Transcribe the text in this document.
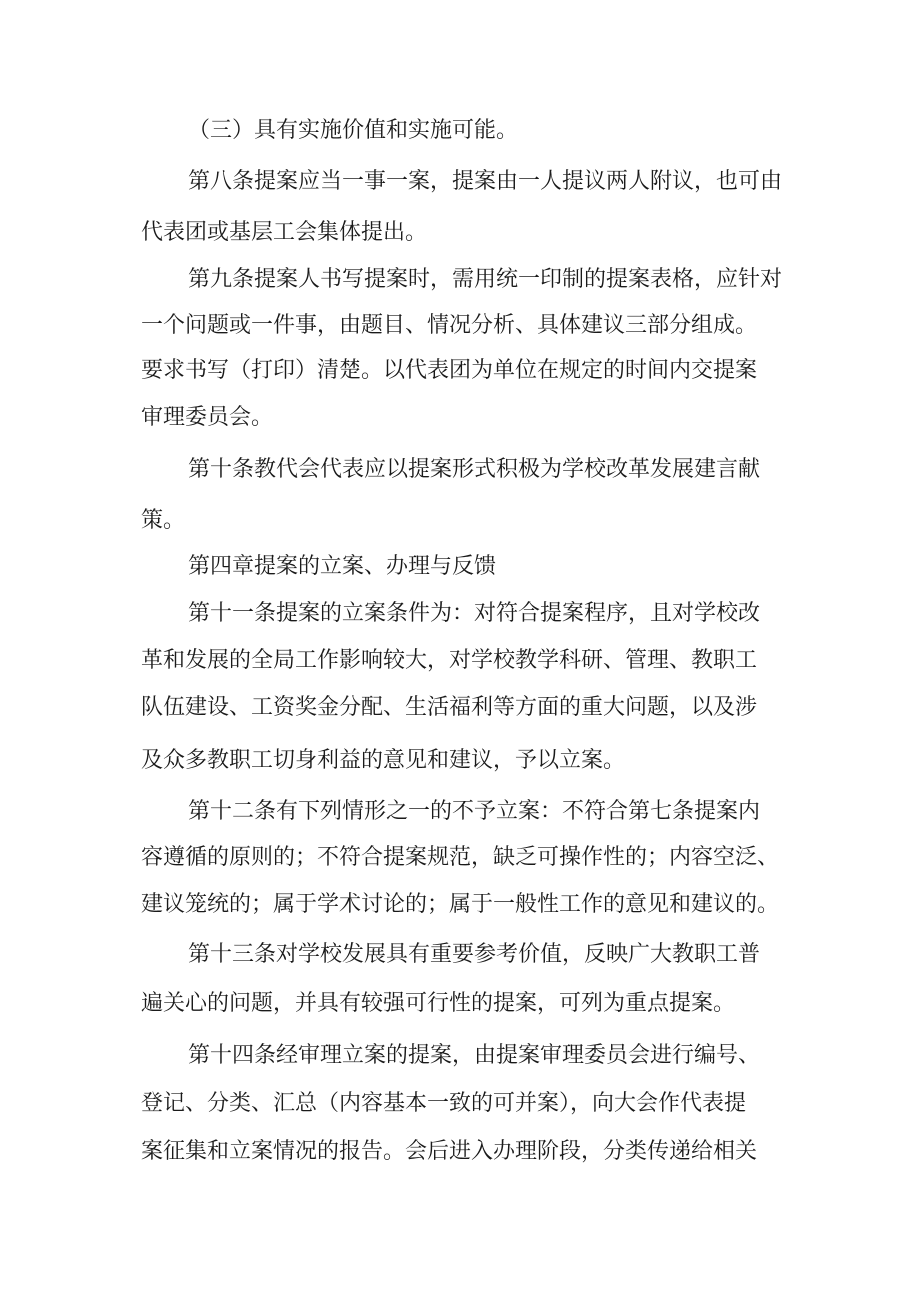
（三）具有实施价值和实施可能。

第八条提案应当一事一案，提案由一人提议两人附议，也可由

代表团或基层工会集体提出。

第九条提案人书写提案时，需用统一印制的提案表格，应针对

一个问题或一件事，由题目、情况分析、具体建议三部分组成。

要求书写（打印）清楚。以代表团为单位在规定的时间内交提案

审理委员会。

第十条教代会代表应以提案形式积极为学校改革发展建言献

策。

第四章提案的立案、办理与反馈

第十一条提案的立案条件为：对符合提案程序，且对学校改

革和发展的全局工作影响较大，对学校教学科研、管理、教职工

队伍建设、工资奖金分配、生活福利等方面的重大问题，以及涉

及众多教职工切身利益的意见和建议，予以立案。

第十二条有下列情形之一的不予立案：不符合第七条提案内

容遵循的原则的；不符合提案规范，缺乏可操作性的；内容空泛、

建议笼统的；属于学术讨论的；属于一般性工作的意见和建议的。

第十三条对学校发展具有重要参考价值，反映广大教职工普

遍关心的问题，并具有较强可行性的提案，可列为重点提案。

第十四条经审理立案的提案，由提案审理委员会进行编号、

登记、分类、汇总（内容基本一致的可并案），向大会作代表提

案征集和立案情况的报告。会后进入办理阶段，分类传递给相关
